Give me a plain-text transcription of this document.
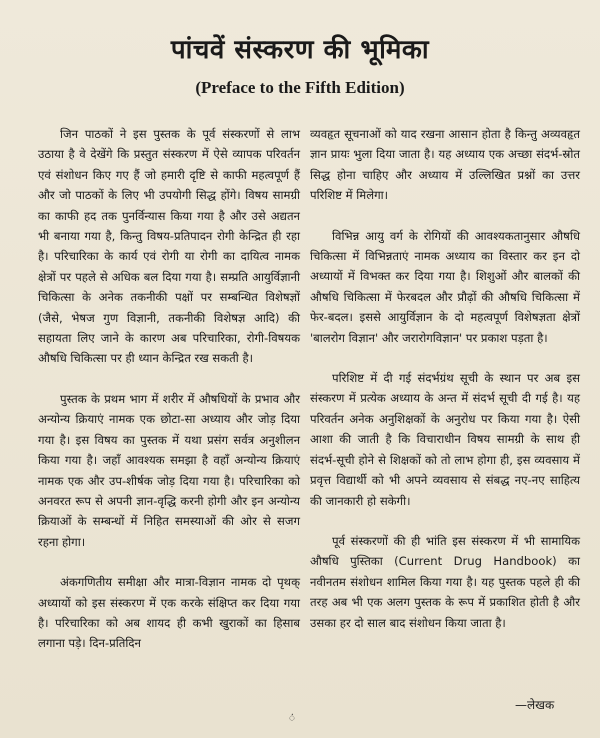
पांचवें संस्करण की भूमिका
(Preface to the Fifth Edition)

जिन पाठकों ने इस पुस्तक के पूर्व संस्करणों से लाभ उठाया है वे देखेंगे कि प्रस्तुत संस्करण में ऐसे व्यापक परिवर्तन एवं संशोधन किए गए हैं जो हमारी दृष्टि से काफी महत्वपूर्ण हैं और जो पाठकों के लिए भी उपयोगी सिद्ध होंगे। विषय सामग्री का काफी हद तक पुनर्विन्यास किया गया है और उसे अद्यतन भी बनाया गया है, किन्तु विषय-प्रतिपादन रोगी केन्द्रित ही रहा है। परिचारिका के कार्य एवं रोगी या रोगी का दायित्व नामक क्षेत्रों पर पहले से अधिक बल दिया गया है। सम्प्रति आयुर्विज्ञानी चिकित्सा के अनेक तकनीकी पक्षों पर सम्बन्धित विशेषज्ञों (जैसे, भेषज गुण विज्ञानी, तकनीकी विशेषज्ञ आदि) की सहायता लिए जाने के कारण अब परिचारिका, रोगी-विषयक औषधि चिकित्सा पर ही ध्यान केन्द्रित रख सकती है।

पुस्तक के प्रथम भाग में शरीर में औषधियों के प्रभाव और अन्योन्य क्रियाएं नामक एक छोटा-सा अध्याय और जोड़ दिया गया है। इस विषय का पुस्तक में यथा प्रसंग सर्वत्र अनुशीलन किया गया है। जहाँ आवश्यक समझा है वहाँ अन्योन्य क्रियाएं नामक एक और उप-शीर्षक जोड़ दिया गया है। परिचारिका को अनवरत रूप से अपनी ज्ञान-वृद्धि करनी होगी और इन अन्योन्य क्रियाओं के सम्बन्धों में निहित समस्याओं की ओर से सजग रहना होगा।

अंकगणितीय समीक्षा और मात्रा-विज्ञान नामक दो पृथक् अध्यायों को इस संस्करण में एक करके संक्षिप्त कर दिया गया है। परिचारिका को अब शायद ही कभी खुराकों का हिसाब लगाना पड़े। दिन-प्रतिदिन

व्यवहृत सूचनाओं को याद रखना आसान होता है किन्तु अव्यवहृत ज्ञान प्रायः भुला दिया जाता है। यह अध्याय एक अच्छा संदर्भ-स्रोत सिद्ध होना चाहिए और अध्याय में उल्लिखित प्रश्नों का उत्तर परिशिष्ट में मिलेगा।

विभिन्न आयु वर्ग के रोगियों की आवश्यकतानुसार औषधि चिकित्सा में विभिन्नताएं नामक अध्याय का विस्तार कर इन दो अध्यायों में विभक्त कर दिया गया है। शिशुओं और बालकों की औषधि चिकित्सा में फेरबदल और प्रौढ़ों की औषधि चिकित्सा में फेर-बदल। इससे आयुर्विज्ञान के दो महत्वपूर्ण विशेषज्ञता क्षेत्रों 'बालरोग विज्ञान' और जरारोगविज्ञान' पर प्रकाश पड़ता है।

परिशिष्ट में दी गई संदर्भग्रंथ सूची के स्थान पर अब इस संस्करण में प्रत्येक अध्याय के अन्त में संदर्भ सूची दी गई है। यह परिवर्तन अनेक अनुशिक्षकों के अनुरोध पर किया गया है। ऐसी आशा की जाती है कि विचाराधीन विषय सामग्री के साथ ही संदर्भ-सूची होने से शिक्षकों को तो लाभ होगा ही, इस व्यवसाय में प्रवृत्त विद्यार्थी को भी अपने व्यवसाय से संबद्ध नए-नए साहित्य की जानकारी हो सकेगी।

पूर्व संस्करणों की ही भांति इस संस्करण में भी सामायिक औषधि पुस्तिका (Current Drug Handbook) का नवीनतम संशोधन शामिल किया गया है। यह पुस्तक पहले ही की तरह अब भी एक अलग पुस्तक के रूप में प्रकाशित होती है और उसका हर दो साल बाद संशोधन किया जाता है।

—लेखक
ं
